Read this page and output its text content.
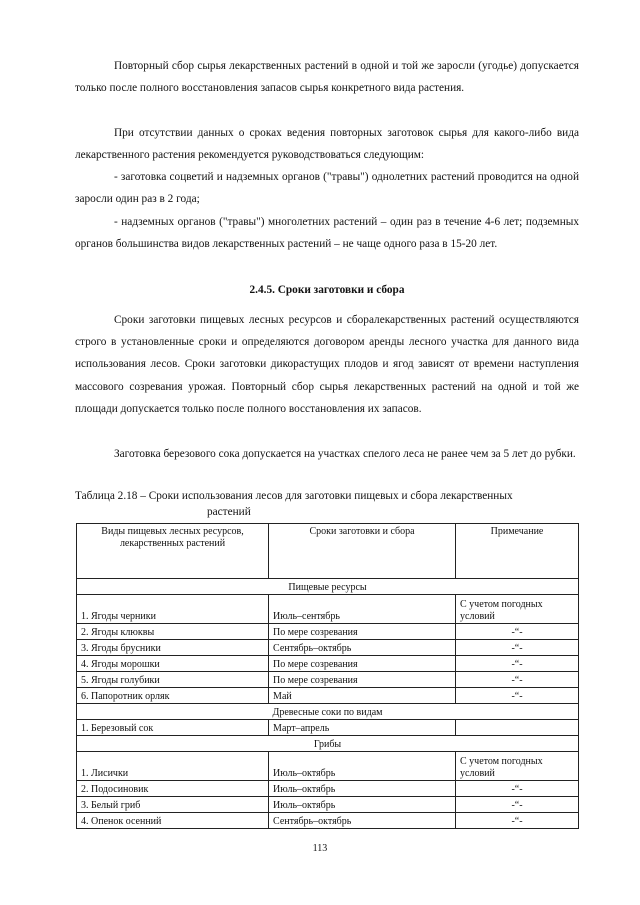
Повторный сбор сырья лекарственных растений в одной и той же заросли (угодье) допускается только после полного восстановления запасов сырья конкретного вида растения.

При отсутствии данных о сроках ведения повторных заготовок сырья для какого-либо вида лекарственного растения рекомендуется руководствоваться следующим:

- заготовка соцветий и надземных органов ("травы") однолетних растений проводится на одной заросли один раз в 2 года;

- надземных органов ("травы") многолетних растений – один раз в течение 4-6 лет; подземных органов большинства видов лекарственных растений – не чаще одного раза в 15-20 лет.

2.4.5. Сроки заготовки и сбора

Сроки заготовки пищевых лесных ресурсов и сборалекарственных растений осуществляются строго в установленные сроки и определяются договором аренды лесного участка для данного вида использования лесов. Сроки заготовки дикорастущих плодов и ягод зависят от времени наступления массового созревания урожая. Повторный сбор сырья лекарственных растений на одной и той же площади допускается только после полного восстановления их запасов.

Заготовка березового сока допускается на участках спелого леса не ранее чем за 5 лет до рубки.

Таблица 2.18 – Сроки использования лесов для заготовки пищевых и сбора лекарственных
растений

Виды пищевых лесных ресурсов, лекарственных растений	Сроки заготовки и сбора	Примечание
Пищевые ресурсы		
1. Ягоды черники	Июль–сентябрь	С учетом погодных условий
2. Ягоды клюквы	По мере созревания	-“-
3. Ягоды брусники	Сентябрь–октябрь	-“-
4. Ягоды морошки	По мере созревания	-“-
5. Ягоды голубики	По мере созревания	-“-
6. Папоротник орляк	Май	-“-
Древесные соки по видам		
1. Березовый сок	Март–апрель	
Грибы		
1. Лисички	Июль–октябрь	С учетом погодных условий
2. Подосиновик	Июль–октябрь	-“-
3. Белый гриб	Июль–октябрь	-“-
4. Опенок осенний	Сентябрь–октябрь	-“-
113
